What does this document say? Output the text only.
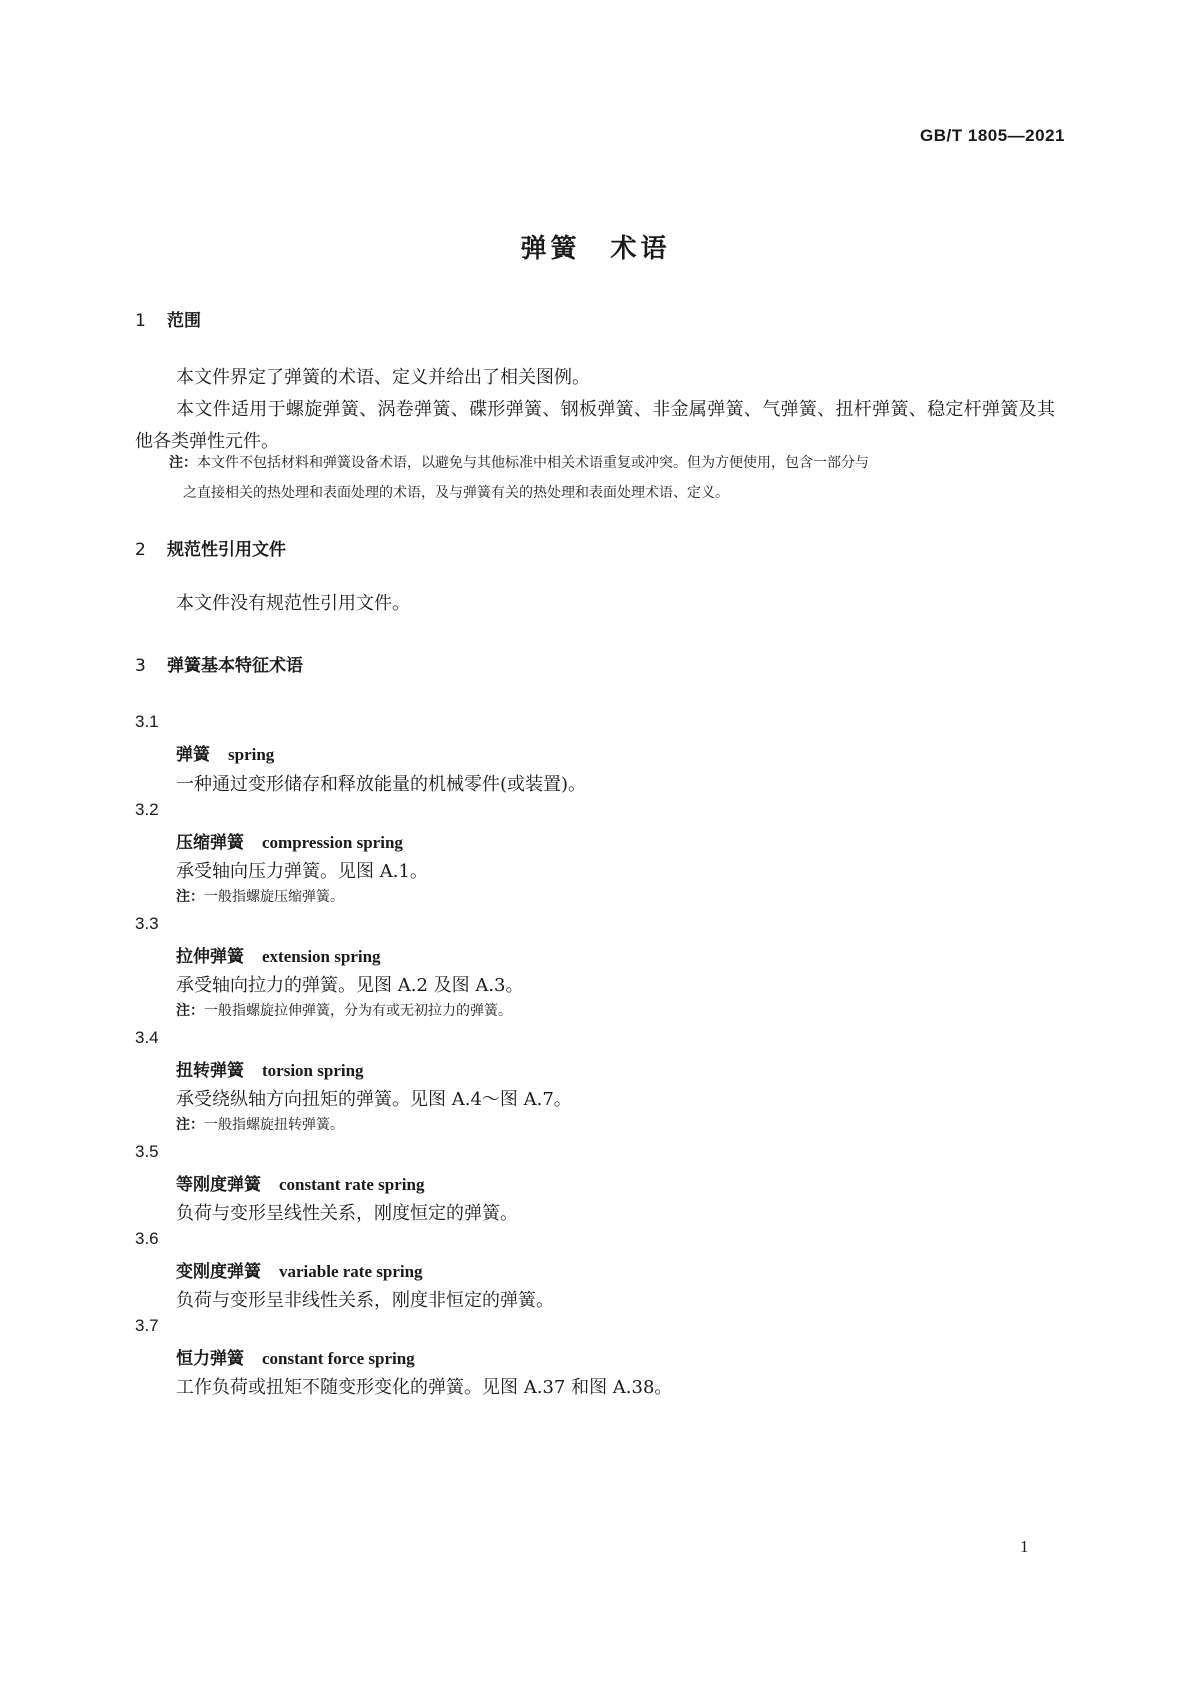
GB/T 1805—2021
弹簧　术语
1 范围
本文件界定了弹簧的术语、定义并给出了相关图例。
本文件适用于螺旋弹簧、涡卷弹簧、碟形弹簧、钢板弹簧、非金属弹簧、气弹簧、扭杆弹簧、稳定杆弹簧及其他各类弹性元件。
注：本文件不包括材料和弹簧设备术语，以避免与其他标准中相关术语重复或冲突。但为方便使用，包含一部分与
之直接相关的热处理和表面处理的术语，及与弹簧有关的热处理和表面处理术语、定义。
2 规范性引用文件
本文件没有规范性引用文件。
3 弹簧基本特征术语
3.1
弹簧 spring
一种通过变形储存和释放能量的机械零件(或装置)。
3.2
压缩弹簧 compression spring
承受轴向压力弹簧。见图 A.1。
注：一般指螺旋压缩弹簧。
3.3
拉伸弹簧 extension spring
承受轴向拉力的弹簧。见图 A.2 及图 A.3。
注：一般指螺旋拉伸弹簧，分为有或无初拉力的弹簧。
3.4
扭转弹簧 torsion spring
承受绕纵轴方向扭矩的弹簧。见图 A.4～图 A.7。
注：一般指螺旋扭转弹簧。
3.5
等刚度弹簧 constant rate spring
负荷与变形呈线性关系，刚度恒定的弹簧。
3.6
变刚度弹簧 variable rate spring
负荷与变形呈非线性关系，刚度非恒定的弹簧。
3.7
恒力弹簧 constant force spring
工作负荷或扭矩不随变形变化的弹簧。见图 A.37 和图 A.38。
1
